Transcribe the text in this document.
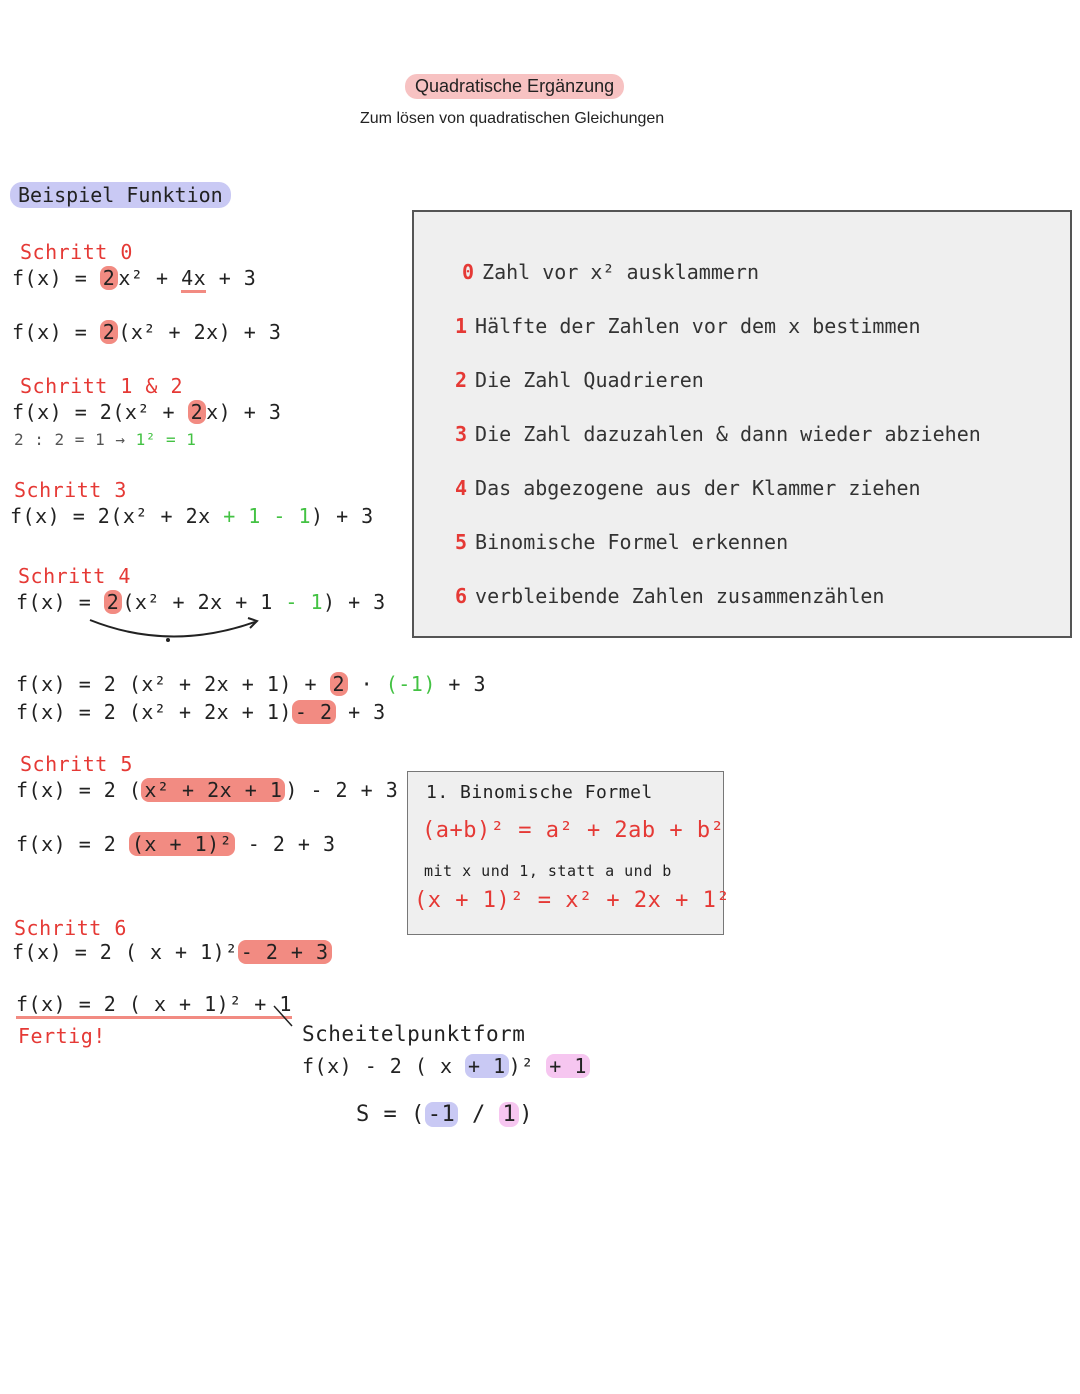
Quadratische Ergänzung
Zum lösen von quadratischen Gleichungen
Beispiel Funktion
Schritt 0
f(x) = 2 x² + 4x + 3
f(x) = 2 (x² + 2x) + 3
Schritt 1 & 2
f(x) = 2(x² + 2 x) + 3
2 : 2 = 1 → 1² = 1
Schritt 3
f(x) = 2(x² + 2x + 1 - 1) + 3
Schritt 4
f(x) = 2 (x² + 2x + 1 - 1) + 3
f(x) = 2 (x² + 2x + 1) + 2 · (-1) + 3
f(x) = 2 (x² + 2x + 1) - 2 + 3
Schritt 5
f(x) = 2 ( x² + 2x + 1 ) - 2 + 3
f(x) = 2 (x + 1)² - 2 + 3
Schritt 6
f(x) = 2 ( x + 1)² - 2 + 3
f(x) = 2 ( x + 1)² + 1
Fertig!
0 Zahl vor x² ausklammern
1 Hälfte der Zahlen vor dem x bestimmen
2 Die Zahl Quadrieren
3 Die Zahl dazuzahlen & dann wieder abziehen
4 Das abgezogene aus der Klammer ziehen
5 Binomische Formel erkennen
6 verbleibende Zahlen zusammenzählen
1. Binomische Formel
(a+b)² = a² + 2ab + b²
mit x und 1, statt a und b
(x + 1)² = x² + 2x + 1²
Scheitelpunktform
f(x) - 2 ( x + 1 )² + 1
S = ( -1 / 1 )
